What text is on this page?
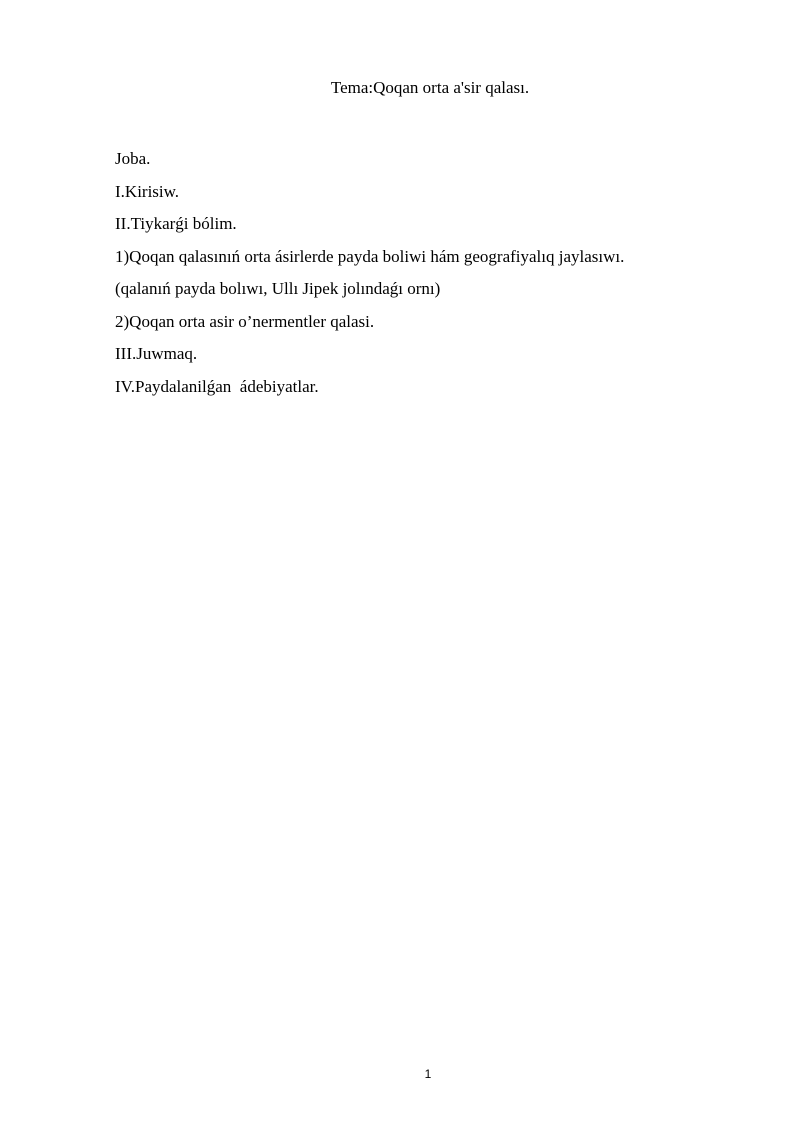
Tema:Qoqan orta a'sir qalası.
Joba.
I.Kirisiw.
II.Tiykarǵi bólim.
1)Qoqan qalasınıń orta ásirlerde payda boliwi hám geografiyalıq jaylasıwı.
(qalanıń payda bolıwı, Ullı Jipek jolındaǵı ornı)
2)Qoqan orta asir o’nermentler qalasi.
III.Juwmaq.
IV.Paydalanilǵan  ádebiyatlar.
1
